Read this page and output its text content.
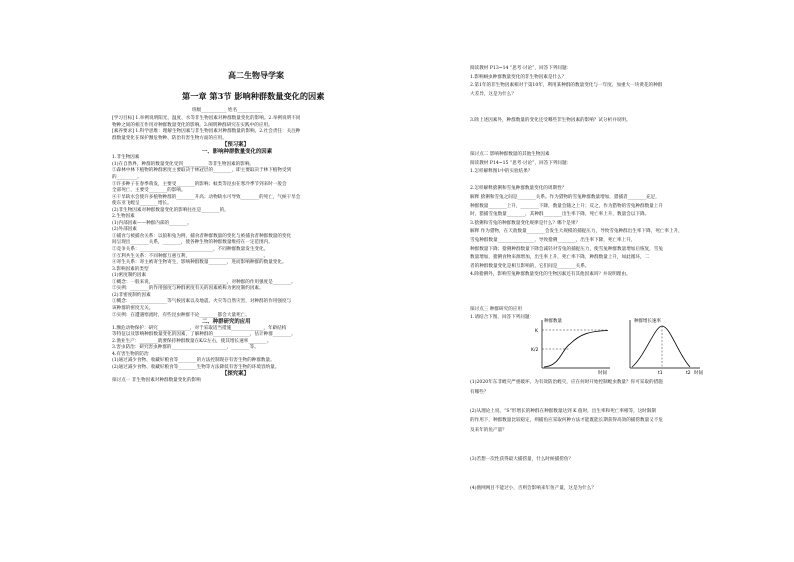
高二生物导学案
第一章 第3节 影响种群数量变化的因素
班级___________ 姓名___________
[学习目标] 1.举例说明阳光、温度、水等非生物因素对种群数量变化的影响。2.举例说明不同
物种之间的相互作用对种群数量变化的影响。3.阐明种群研究在实践中的应用。
[素养要求] 1.科学思维：理解生物因素与非生物因素对种群数量的影响。2.社会责任：关注种
群数量变化在保护濒危物种、防治有害生物方面的应用。
【预习案】
一、影响种群数量变化的因素
1.非生物因素
(1)在自然界，种群的数量变化受到___________等非生物因素的影响。
②森林中林下植物的种群密度主要取决于林冠层的________，即主要取决于林下植物受到
的_________。
③许多种子在春季萌发，主要受________的影响；蚊类等昆虫在寒冷季节到来时一般会
全部死亡，主要受________的影响。
④干旱缺水会使许多植物种群的________升高；动物缺水可导致________的死亡，气候干旱会
使东亚飞蝗呈________增长。
(2)非生物因素对种群数量变化的影响往往是________的。
2.生物因素
(1)内部因素——种群内部的________。
(2)外部因素
①捕食与被捕食关系：以狼和兔为例，捕食者种群数量的变化与被捕食者种群数量的变化
间呈现出________关系，________，使各种生物的种群数量维持在一定范围内。
②竞争关系：________________________________，不同种群数量发生变化。
③互利共生关系：不同种群互惠互利，________________________________。
④寄生关系：寄主被寄生物寄生，影响种群数量________，进而影响种群的数量变化。
3.影响因素的类型
(1)密度制约因素
①概念：一般来说，________________________________，对种群的作用强度是________。
②实例：________的作用强度与种群密度有关的因素被称为密度制约因素。
(2)非密度制约因素
①概念：________________等气候因素以及地震、火灾等自然灾害，对种群的作用强度与
该种群的密度无关。
②实例：在遭遇寒流时，有些昆虫种群不论________都会大量死亡。
二、种群研究的应用
1.濒危动物保护：研究______________，对于采取适当措施______________，年龄结构
等特征以及影响种群数量变化的因素，了解种群的________________，估计种群________。
2.渔业生产：________就要保持种群数量在K/2左右，使其增长速率________。
3.害虫防治：研究害虫种群的________________________，________等。
4.有害生物的防治
(1)通过减少食物、收藏好粮食等________的方法控制现存有害生物的种群数量。
(2)通过减少食物、收藏好粮食等________生物等方法降低有害生物的环境容纳量。
【探究案】
探讨点一 非生物因素对种群数量变化的影响
阅读教材 P13~14 “思考·讨论”，回答下列问题：
1.影响蚜虫种群数量变化的非生物因素是什么？
2.第1年的非生物因素相对于第10年，利用某种群的数量变化与一年度、加重大一块黄花的种群
大差异，这是为什么？
3.除上述因素外，种群数量的变化还受哪些非生物因素的影响？试分析并说明。
探讨点二 影响种群数量的其他生物因素
阅读教材 P14~15 “思考·讨论”，回答下列问题：
1.怎样解释图1中的实验结果？
2.怎样解释猞猁和雪兔种群数量变化的周期性？
解释 猞猁和雪兔之间是________关系。作为猎物的雪兔种群数量增加，猎捕者________充足，
种群数量________上升，________下降，数量会随之上升；反之，作为猎物的雪兔种群数量上升
时，猎捕雪兔数量________，其种群________出生率下降，死亡率上升，数量会以下降。
3.猞猁和雪兔的种群数量变化规律是什么？哪个是果？
解释 作为猎物，在天敌数量________会发生大规模的捕捉压力，导致雪兔种群出生率下降，死亡率上升，
雪兔种群数量________________，导致猞猁________，出生率下降，死亡率上升，
种群数量下降；猞猁种群数量下降会减轻对雪兔的捕捉压力，使雪兔种群数量增加后恢复，雪兔
数量增加，猞猁食物来源增加，出生率上升，死亡率下降，种群数量上升，如此循环，二
者的种群数量变化是相互影响的，它们间是________关系。
4.除猞猁外，影响雪兔种群数量变化的生物因素还有其他因素吗？并说明理由。
探讨点三 种群研究的应用
1.请结合下图，回答下列问题：
K
K/2
种群数量
时间
种群增长速率
t1	t2 时间
(1)2020年东非蝗灾严重破坏，为有效防治蝗灾，应在何时开始控制蝗虫数量？你可采取的措施
有哪些？
(2)从理论上说，“S”形增长的种群在种群数量达到 K 值时，出生率和死亡率相等，这时限制
的作用下，种群数量比较稳定，则捕鱼应采取何种方法才能既能长期获得高效的捕捞数量又不危
及来年的鱼产量？
(3)若想一次性获得最大捕捞量，什么时候捕捞鱼？
(4)渔网网目不能过小，否则会影响来年鱼产量，这是为什么？
